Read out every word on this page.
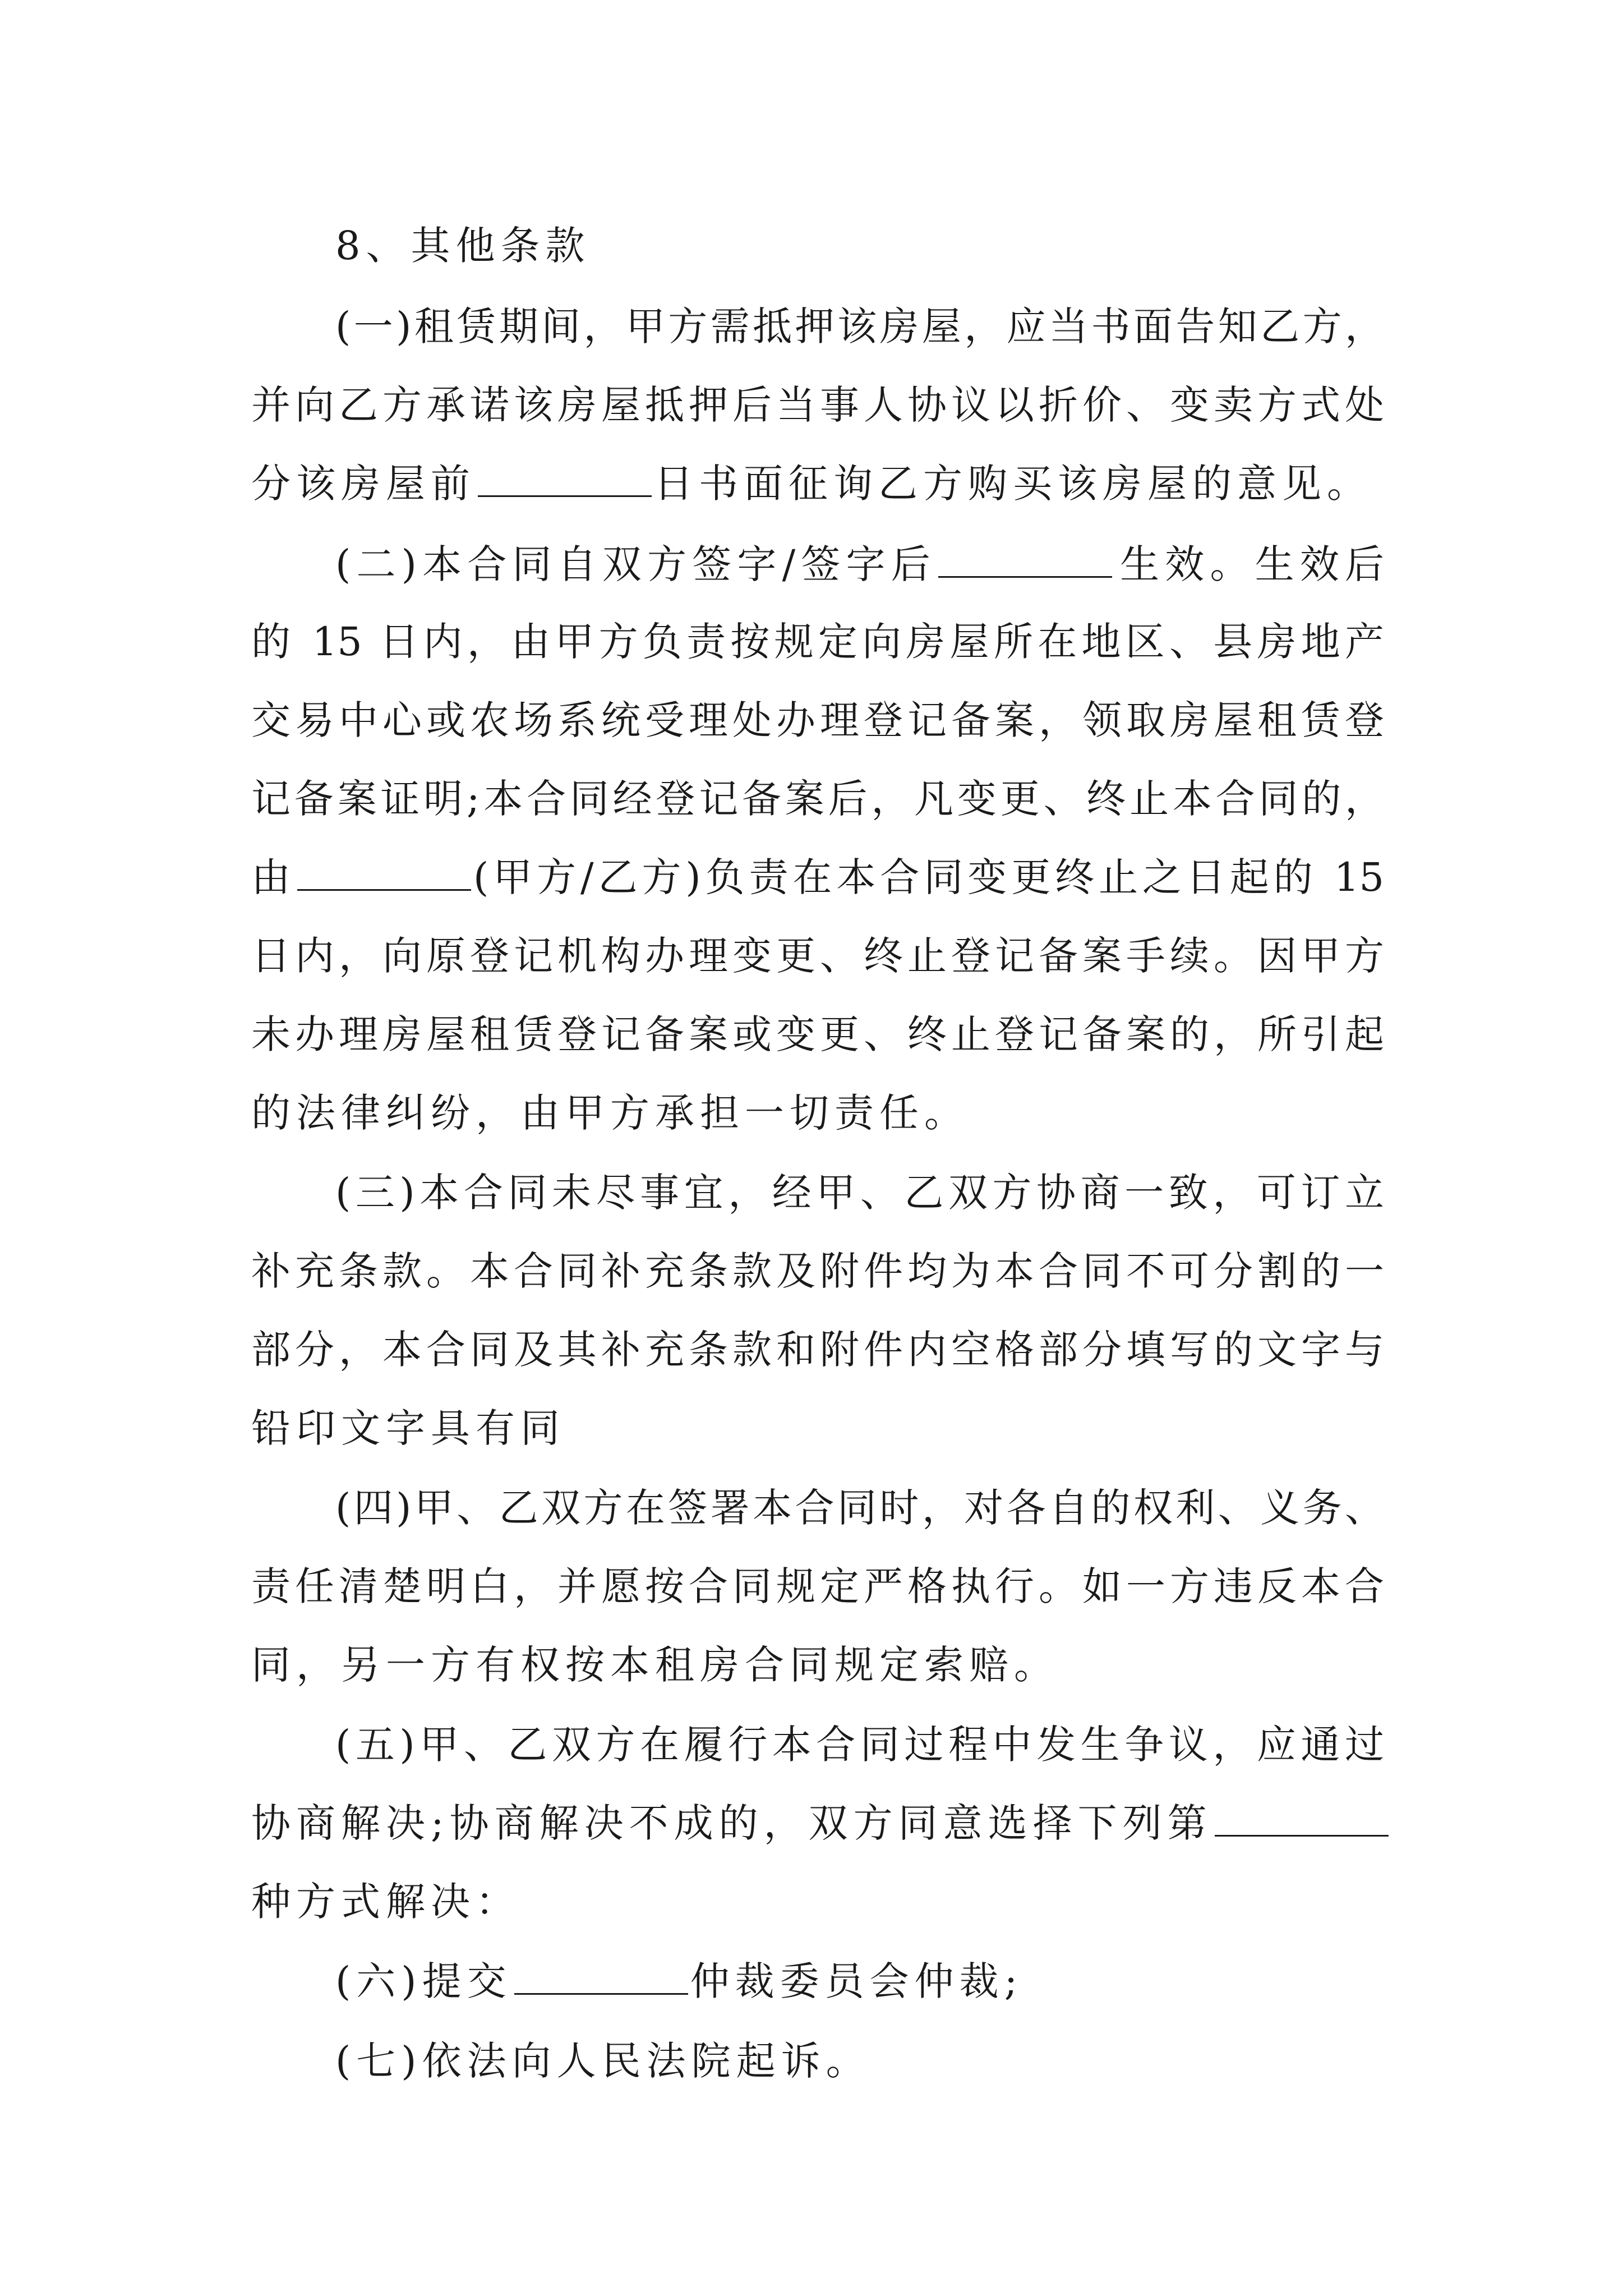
8、其他条款
(一)租赁期间，甲方需抵押该房屋，应当书面告知乙方，
并向乙方承诺该房屋抵押后当事人协议以折价、变卖方式处
分该房屋前	日书面征询乙方购买该房屋的意见。
(二)本合同自双方签字/签字后	生效。生效后
的 15 日内，由甲方负责按规定向房屋所在地区、县房地产
交易中心或农场系统受理处办理登记备案，领取房屋租赁登
记备案证明;本合同经登记备案后，凡变更、终止本合同的，
由	(甲方/乙方)负责在本合同变更终止之日起的 15
日内，向原登记机构办理变更、终止登记备案手续。因甲方
未办理房屋租赁登记备案或变更、终止登记备案的，所引起
的法律纠纷，由甲方承担一切责任。
(三)本合同未尽事宜，经甲、乙双方协商一致，可订立
补充条款。本合同补充条款及附件均为本合同不可分割的一
部分，本合同及其补充条款和附件内空格部分填写的文字与
铅印文字具有同
(四)甲、乙双方在签署本合同时，对各自的权利、义务、
责任清楚明白，并愿按合同规定严格执行。如一方违反本合
同，另一方有权按本租房合同规定索赔。
(五)甲、乙双方在履行本合同过程中发生争议，应通过
协商解决;协商解决不成的，双方同意选择下列第
种方式解决：
(六)提交	仲裁委员会仲裁;
(七)依法向人民法院起诉。
